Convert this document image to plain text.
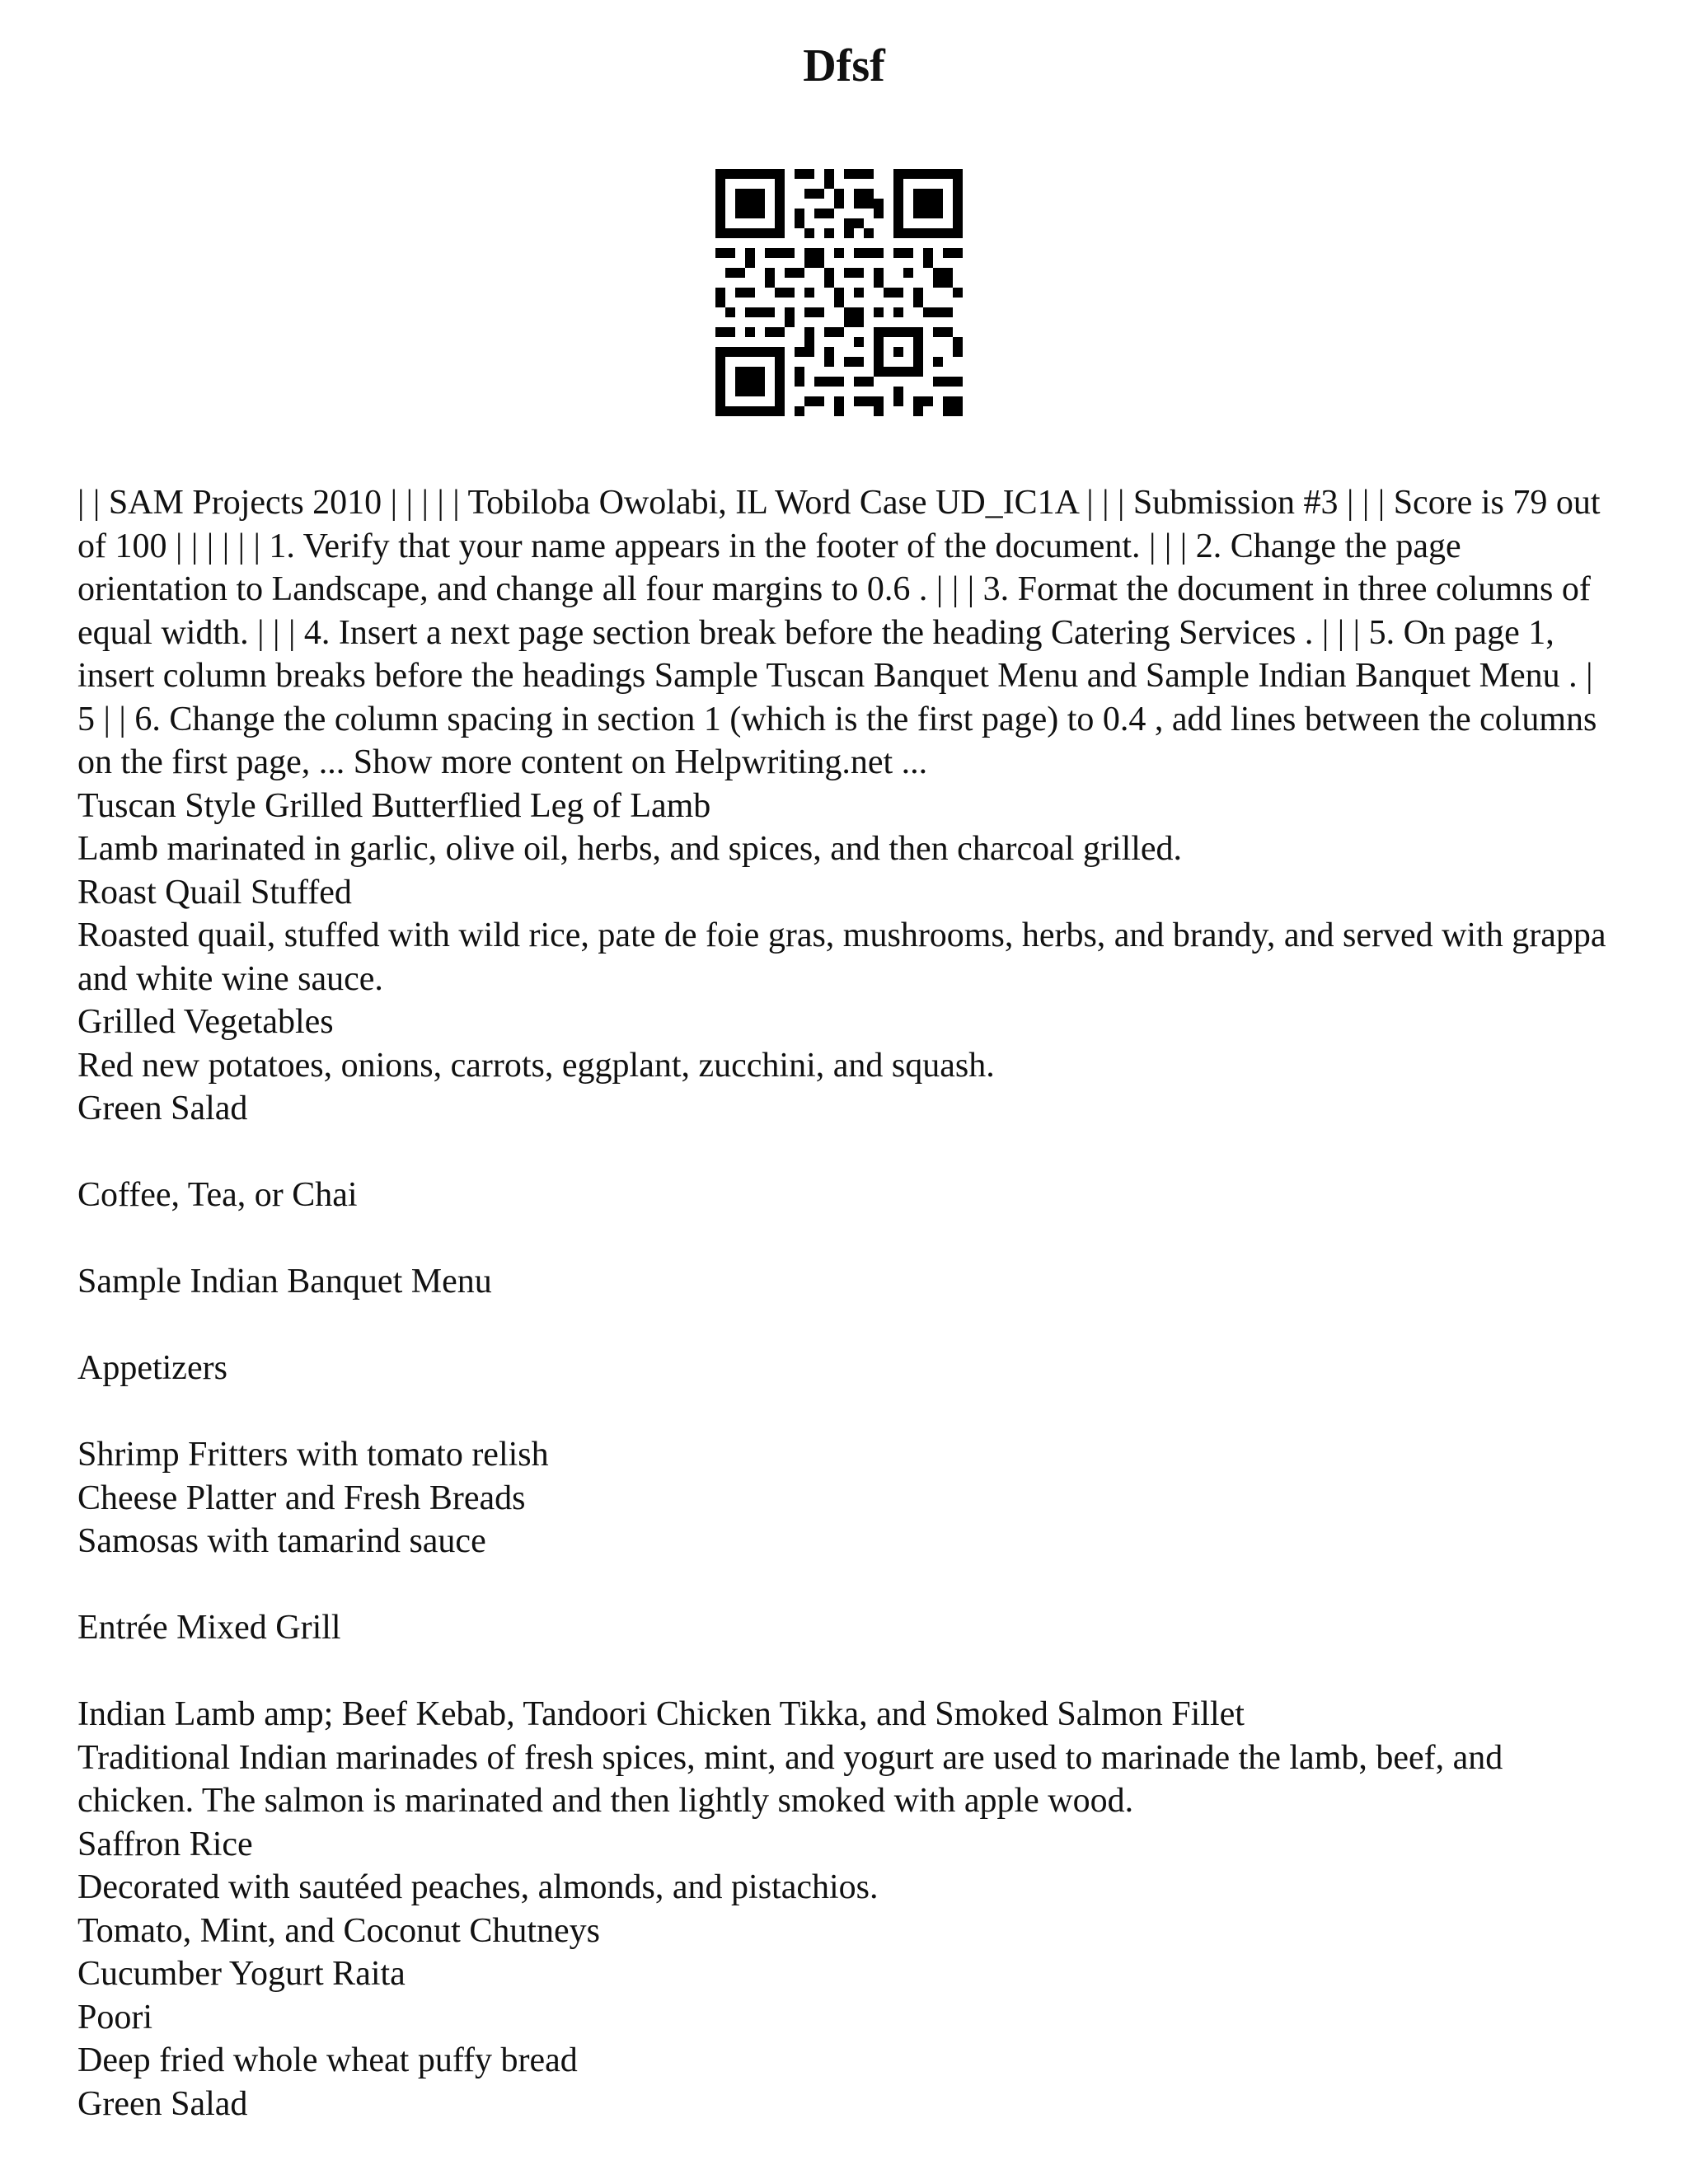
Dfsf

| | SAM Projects 2010 | | | | | Tobiloba Owolabi, IL Word Case UD_IC1A | | | Submission #3 | | | Score is 79 out of 100 | | | | | | 1. Verify that your name appears in the footer of the document. | | | 2. Change the page orientation to Landscape, and change all four margins to 0.6 . | | | 3. Format the document in three columns of equal width. | | | 4. Insert a next page section break before the heading Catering Services . | | | 5. On page 1, insert column breaks before the headings Sample Tuscan Banquet Menu and Sample Indian Banquet Menu . | 5 | | 6. Change the column spacing in section 1 (which is the first page) to 0.4 , add lines between the columns on the first page, ... Show more content on Helpwriting.net ...

Tuscan Style Grilled Butterflied Leg of Lamb
Lamb marinated in garlic, olive oil, herbs, and spices, and then charcoal grilled.
Roast Quail Stuffed
Roasted quail, stuffed with wild rice, pate de foie gras, mushrooms, herbs, and brandy, and served with grappa and white wine sauce.
Grilled Vegetables
Red new potatoes, onions, carrots, eggplant, zucchini, and squash.
Green Salad
Coffee, Tea, or Chai
Sample Indian Banquet Menu
Appetizers
Shrimp Fritters with tomato relish
Cheese Platter and Fresh Breads
Samosas with tamarind sauce
Entrée Mixed Grill
Indian Lamb amp; Beef Kebab, Tandoori Chicken Tikka, and Smoked Salmon Fillet
Traditional Indian marinades of fresh spices, mint, and yogurt are used to marinade the lamb, beef, and chicken. The salmon is marinated and then lightly smoked with apple wood.
Saffron Rice
Decorated with sautéed peaches, almonds, and pistachios.
Tomato, Mint, and Coconut Chutneys
Cucumber Yogurt Raita
Poori
Deep fried whole wheat puffy bread
Green Salad
